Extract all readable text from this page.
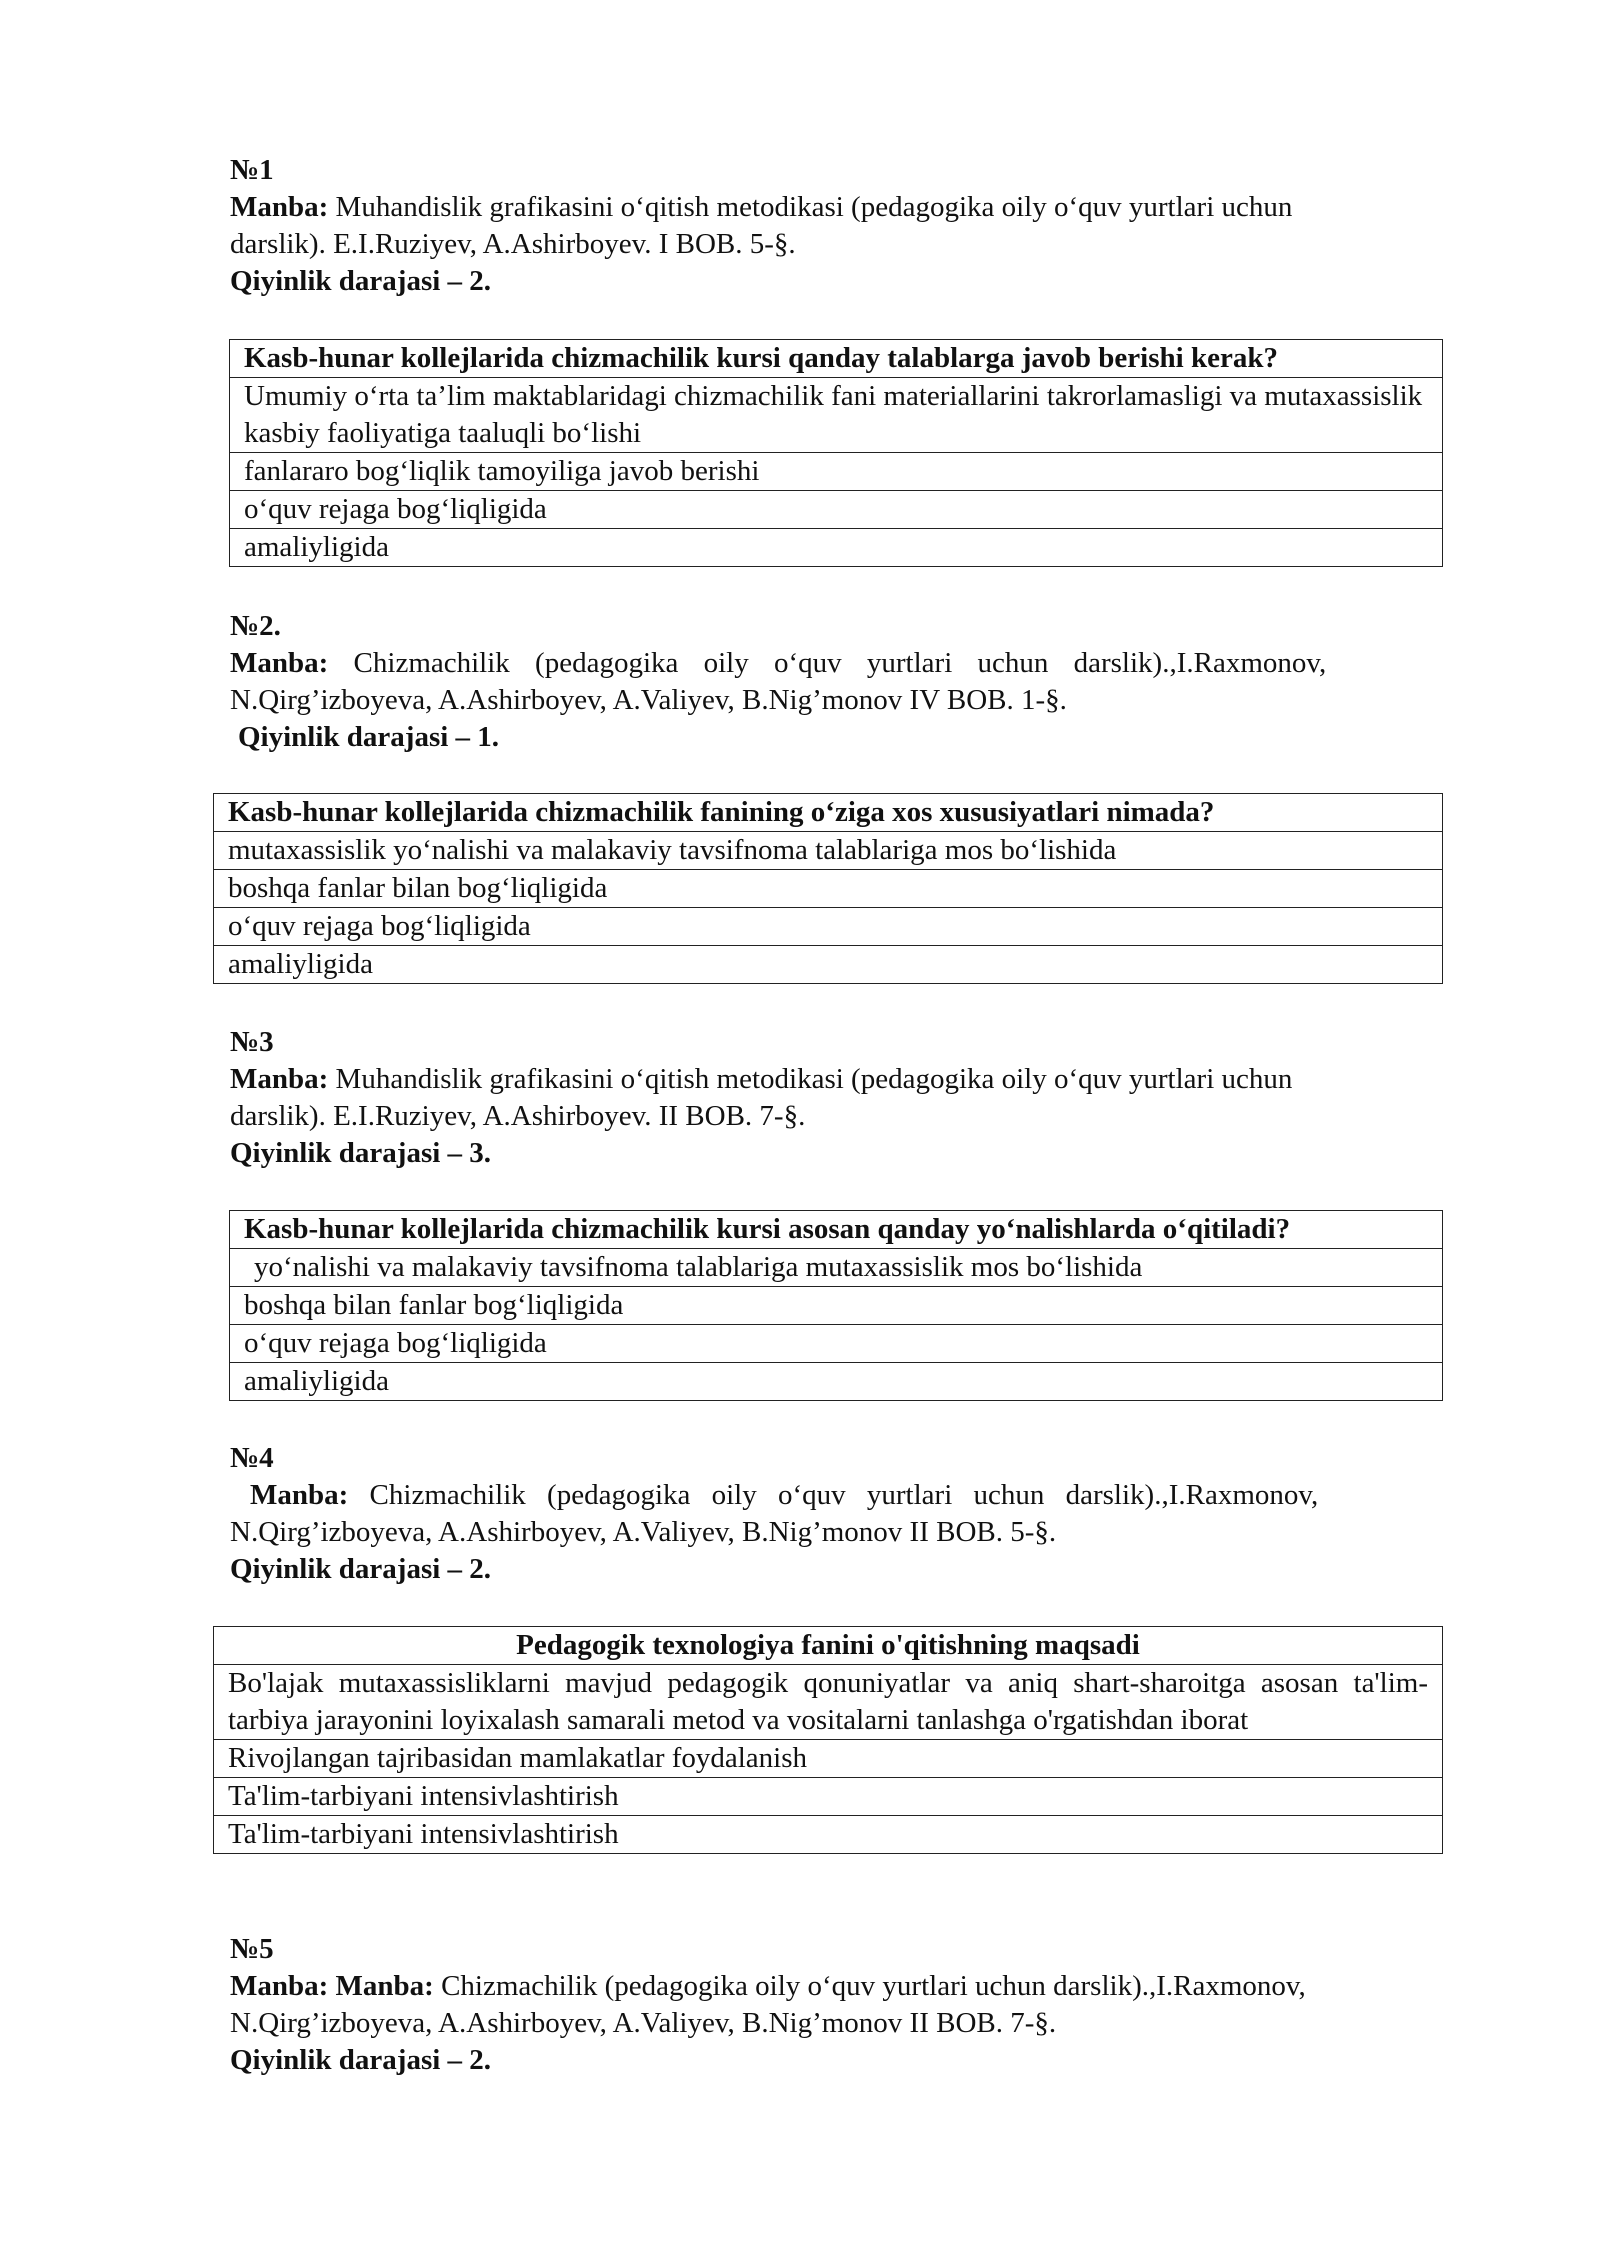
№1

Manba: Muhandislik grafikasini o‘qitish metodikasi (pedagogika oily o‘quv yurtlari uchun

darslik). E.I.Ruziyev, A.Ashirboyev. I BOB. 5-§.

Qiyinlik darajasi – 2.

Kasb-hunar kollejlarida chizmachilik kursi qanday talablarga javob berishi kerak?
Umumiy o‘rta ta’lim maktablaridagi chizmachilik fani materiallarini takrorlamasligi va mutaxassislik kasbiy faoliyatiga taaluqli bo‘lishi
fanlararo bog‘liqlik tamoyiliga javob berishi
o‘quv rejaga bog‘liqligida
amaliyligida

№2.

Manba: Chizmachilik (pedagogika oily o‘quv yurtlari uchun darslik).,I.Raxmonov,

N.Qirg’izboyeva, A.Ashirboyev, A.Valiyev, B.Nig’monov IV BOB. 1-§.

Qiyinlik darajasi – 1.

Kasb-hunar kollejlarida chizmachilik fanining o‘ziga xos xususiyatlari nimada?
mutaxassislik yo‘nalishi va malakaviy tavsifnoma talablariga mos bo‘lishida
boshqa fanlar bilan bog‘liqligida
o‘quv rejaga bog‘liqligida
amaliyligida

№3

Manba: Muhandislik grafikasini o‘qitish metodikasi (pedagogika oily o‘quv yurtlari uchun

darslik). E.I.Ruziyev, A.Ashirboyev. II BOB. 7-§.

Qiyinlik darajasi – 3.

Kasb-hunar kollejlarida chizmachilik kursi asosan qanday yo‘nalishlarda o‘qitiladi?
yo‘nalishi va malakaviy tavsifnoma talablariga mutaxassislik mos bo‘lishida
boshqa bilan fanlar bog‘liqligida
o‘quv rejaga bog‘liqligida
amaliyligida

№4

Manba: Chizmachilik (pedagogika oily o‘quv yurtlari uchun darslik).,I.Raxmonov,

N.Qirg’izboyeva, A.Ashirboyev, A.Valiyev, B.Nig’monov II BOB. 5-§.

Qiyinlik darajasi – 2.

Pedagogik texnologiya fanini o'qitishning maqsadi
Bo'lajak mutaxassisliklarni mavjud pedagogik qonuniyatlar va aniq shart-sharoitga asosan ta'lim-tarbiya jarayonini loyixalash samarali metod va vositalarni tanlashga o'rgatishdan iborat
Rivojlangan tajribasidan mamlakatlar foydalanish
Ta'lim-tarbiyani intensivlashtirish
Ta'lim-tarbiyani intensivlashtirish

№5

Manba: Manba: Chizmachilik (pedagogika oily o‘quv yurtlari uchun darslik).,I.Raxmonov,

N.Qirg’izboyeva, A.Ashirboyev, A.Valiyev, B.Nig’monov II BOB. 7-§.

Qiyinlik darajasi – 2.
